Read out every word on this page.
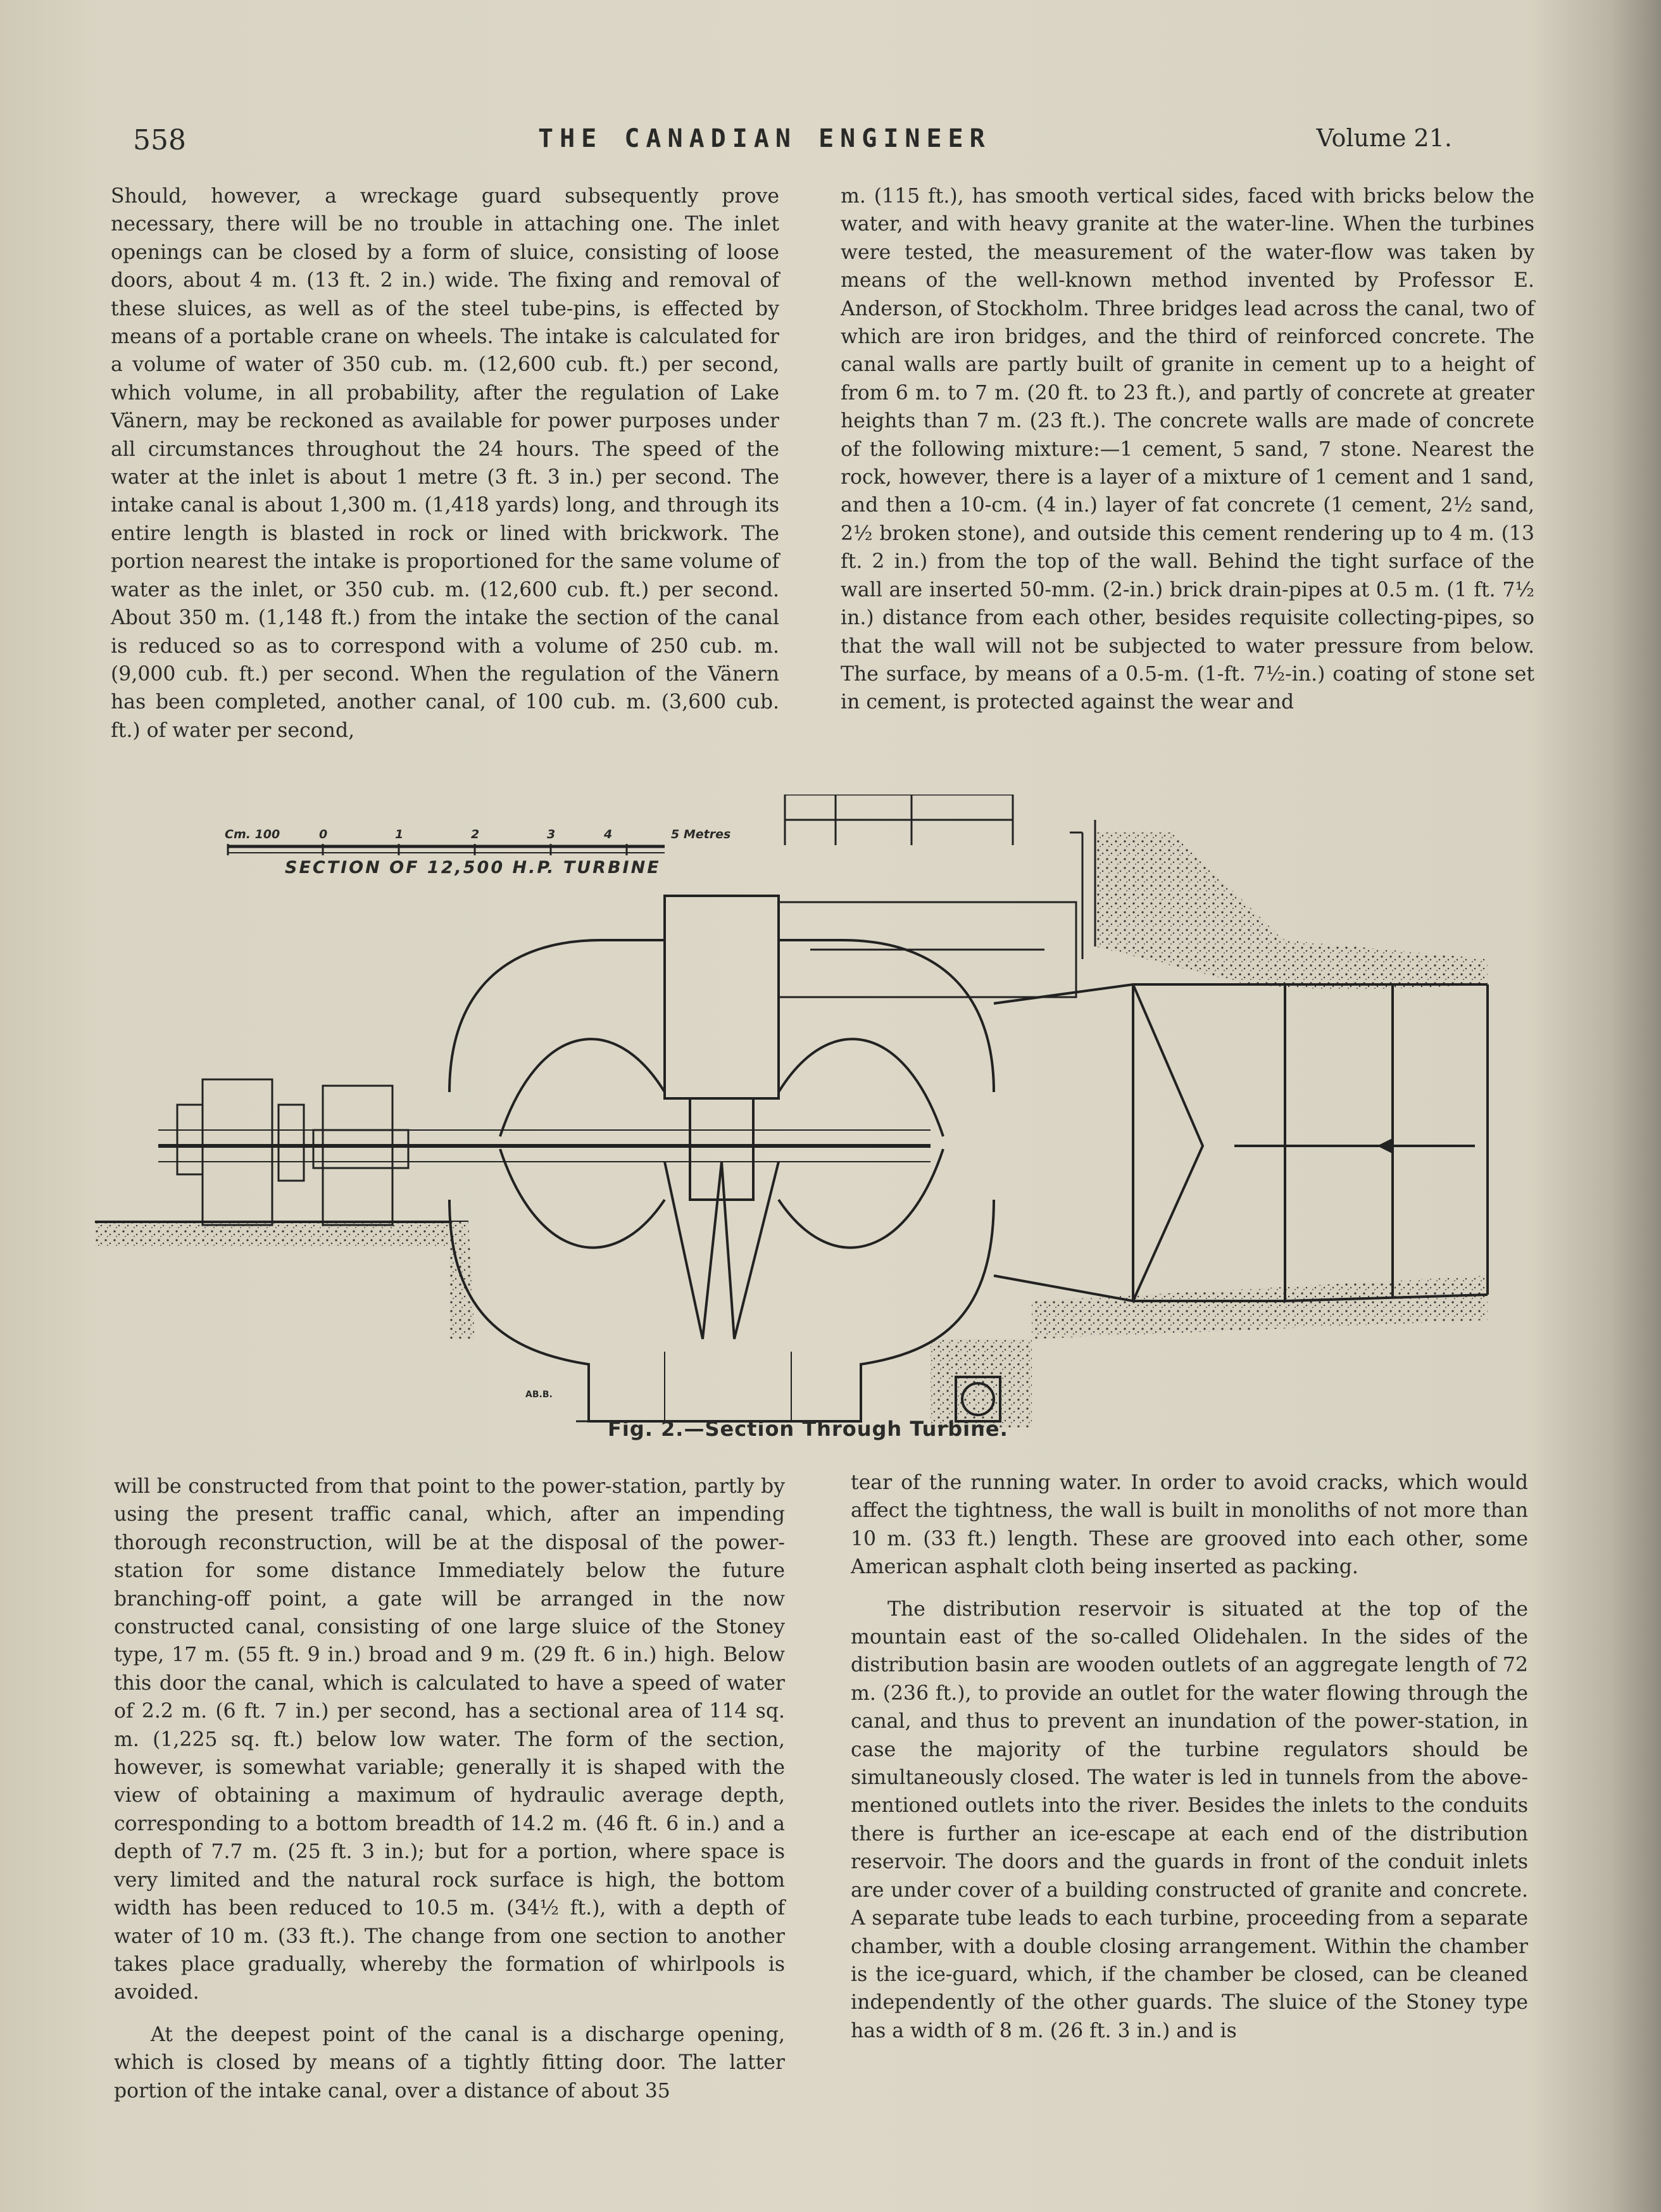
558	THE CANADIAN ENGINEER	Volume 21.

Should, however, a wreckage guard subsequently prove necessary, there will be no trouble in attaching one. The inlet openings can be closed by a form of sluice, consisting of loose doors, about 4 m. (13 ft. 2 in.) wide. The fixing and removal of these sluices, as well as of the steel tube-pins, is effected by means of a portable crane on wheels. The intake is calculated for a volume of water of 350 cub. m. (12,600 cub. ft.) per second, which volume, in all probability, after the regulation of Lake Vänern, may be reckoned as available for power purposes under all circumstances throughout the 24 hours. The speed of the water at the inlet is about 1 metre (3 ft. 3 in.) per second. The intake canal is about 1,300 m. (1,418 yards) long, and through its entire length is blasted in rock or lined with brickwork. The portion nearest the intake is proportioned for the same volume of water as the inlet, or 350 cub. m. (12,600 cub. ft.) per second. About 350 m. (1,148 ft.) from the intake the section of the canal is reduced so as to correspond with a volume of 250 cub. m. (9,000 cub. ft.) per second. When the regulation of the Vänern has been completed, another canal, of 100 cub. m. (3,600 cub. ft.) of water per second,

m. (115 ft.), has smooth vertical sides, faced with bricks below the water, and with heavy granite at the water-line. When the turbines were tested, the measurement of the water-flow was taken by means of the well-known method invented by Professor E. Anderson, of Stockholm. Three bridges lead across the canal, two of which are iron bridges, and the third of reinforced concrete. The canal walls are partly built of granite in cement up to a height of from 6 m. to 7 m. (20 ft. to 23 ft.), and partly of concrete at greater heights than 7 m. (23 ft.). The concrete walls are made of concrete of the following mixture:—1 cement, 5 sand, 7 stone. Nearest the rock, however, there is a layer of a mixture of 1 cement and 1 sand, and then a 10-cm. (4 in.) layer of fat concrete (1 cement, 2½ sand, 2½ broken stone), and outside this cement rendering up to 4 m. (13 ft. 2 in.) from the top of the wall. Behind the tight surface of the wall are inserted 50-mm. (2-in.) brick drain-pipes at 0.5 m. (1 ft. 7½ in.) distance from each other, besides requisite collecting-pipes, so that the wall will not be subjected to water pressure from below. The surface, by means of a 0.5-m. (1-ft. 7½-in.) coating of stone set in cement, is protected against the wear and

Cm. 100	0	1	2	3	4	5 Metres
SECTION OF 12,500 H.P. TURBINE
AB.B.
Fig. 2.—Section Through Turbine.

will be constructed from that point to the power-station, partly by using the present traffic canal, which, after an impending thorough reconstruction, will be at the disposal of the power-station for some distance Immediately below the future branching-off point, a gate will be arranged in the now constructed canal, consisting of one large sluice of the Stoney type, 17 m. (55 ft. 9 in.) broad and 9 m. (29 ft. 6 in.) high. Below this door the canal, which is calculated to have a speed of water of 2.2 m. (6 ft. 7 in.) per second, has a sectional area of 114 sq. m. (1,225 sq. ft.) below low water. The form of the section, however, is somewhat variable; generally it is shaped with the view of obtaining a maximum of hydraulic average depth, corresponding to a bottom breadth of 14.2 m. (46 ft. 6 in.) and a depth of 7.7 m. (25 ft. 3 in.); but for a portion, where space is very limited and the natural rock surface is high, the bottom width has been reduced to 10.5 m. (34½ ft.), with a depth of water of 10 m. (33 ft.). The change from one section to another takes place gradually, whereby the formation of whirlpools is avoided.

At the deepest point of the canal is a discharge opening, which is closed by means of a tightly fitting door. The latter portion of the intake canal, over a distance of about 35

tear of the running water. In order to avoid cracks, which would affect the tightness, the wall is built in monoliths of not more than 10 m. (33 ft.) length. These are grooved into each other, some American asphalt cloth being inserted as packing.

The distribution reservoir is situated at the top of the mountain east of the so-called Olidehalen. In the sides of the distribution basin are wooden outlets of an aggregate length of 72 m. (236 ft.), to provide an outlet for the water flowing through the canal, and thus to prevent an inundation of the power-station, in case the majority of the turbine regulators should be simultaneously closed. The water is led in tunnels from the above-mentioned outlets into the river. Besides the inlets to the conduits there is further an ice-escape at each end of the distribution reservoir. The doors and the guards in front of the conduit inlets are under cover of a building constructed of granite and concrete. A separate tube leads to each turbine, proceeding from a separate chamber, with a double closing arrangement. Within the chamber is the ice-guard, which, if the chamber be closed, can be cleaned independently of the other guards. The sluice of the Stoney type has a width of 8 m. (26 ft. 3 in.) and is
